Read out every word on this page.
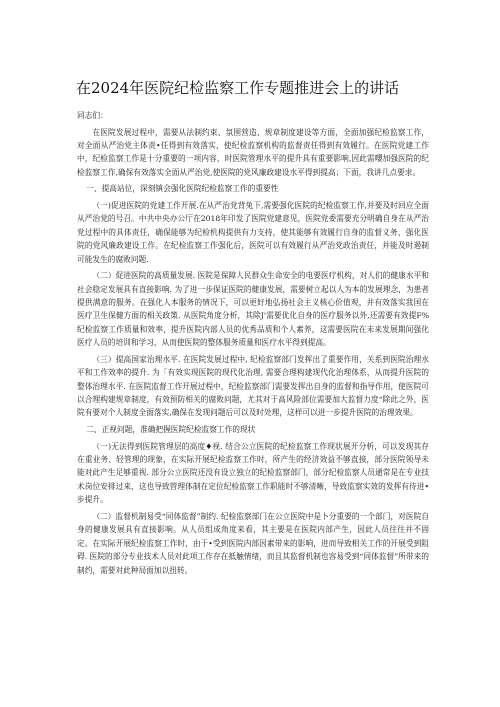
在2024年医院纪检监察工作专题推进会上的讲话

同志们：

在医院发展过程中，需要从法制约束、氛围营造、规章制度建设等方面，全面加强纪检监察工作，对全面从严治党主体责•任得到有效落实，使纪检监察机构的监督责任得到有效履行。在医院党建工作中，纪检监察工作是十分重要的一项内容，时医院管理水平的提升具有重要影响,因此需嚶加强医院的纪检监察工作,确保有效落实全面从严治党,使医院的党风廉政建设水平得到提高；下面，我讲几点要求。

一、提高站位，深刻镇会强化医院纪检监察工作的重要性

（一)促进医院的党建工作开展.在从严治党背兔下,需要强化医院的纪检监察工作,并要及时回应全面从严治党的号召。中共中央办公厅在2018年印发了医院党建意见，医院党委需要充分明确自身在从严治党过程中的具体责任，确保能够为纪检机构提供有力支持，使其能够有效履行自身的监督义务，强化医院的党风廉政建设工作。在纪检监察工作强化后，医院可以有效履行从严治党政治责任，并能及时遏制可能发生的腐败问题.

（二）促进医院的高质量发展. 医院是保障人民群众生命安全的电要医疗机构，对人们的健康水平和社会稳定发展具有直接影响. 为了进一步保证医院的健康发展，需要树立起以人为本的发展理念，为患者提供满意的服务。在强化人本服务的情况下，可以更好地弘扬社会主义核心价值观，并有效落实我国在医疗卫生保健方面的相关政策. 从医院角度分析，其除J'需要优化自身的医疗服务以外,还需要有效提F%纪检监察工作质量和效率，提升医院内部人员的优秀品质和个人素养，这需要医院在未来发展期间强化医疗人员的培训和学习，从而使医院的整体服务质量和医疗水平得到提高。

（三）提高国家治理水平. 在医院发展过程中, 纪检监察部门发挥出了重要作用，关系到医院治理水平和工作效率的提升. 为「有效实现医院的现代化治理, 需要合理构建现代化治理体系，从而提升医院的整体治理水平. 在医院监督工作开展过程中，纪检监察部门需要发挥出自身的监督和指导作用，使医院可以合理构建规章制度，有效预防相关的腐败问题，尤其对于高风险部位需要加大监督力度“除此之外，医院有要对个人制度全面落实,确保在发现问题后可以及时处理，这样可以进一步提升医院的治理效果。

二、正视问题，准确把握医院纪检监察工作的现状

（一)无法得到医院管理层的高度♦视. 结合公立医院的纪检监察工作现状展开分析，可以发现其存在重业务、轻管理的现象，在实际开展纪检监察工作时，所产生的经济效益不够直接，部分医院领导未能对此产生足够重视. 部分公立医院还没有设立独立的纪检监察部门，部分纪检监察人员通常是在专业技术岗位安排过来，这也导致管理体制在定位纪检监察工作职能时不够清晰，导致监察实效的发挥有待进•步提升。

（二）监督机制易受“同体监督”制约. 纪检监察部门在公立医院中是卜分重要的一个部门，对医院自身的健康发展具有直接影响。从人员组成角度来看，其主要是在医院内部产生，因此人员往往并不固定。在实际开展纪检监察工作时，由于•受到医院内部因素带来的影响，进而导致相关工作的开展受到阻碍. 医院的部分专业技术人员对此项工作存在抵触情绪，而且其监督机制也容易受到“同体监督”所带来的制约，需要对此种局面加以扭转。
